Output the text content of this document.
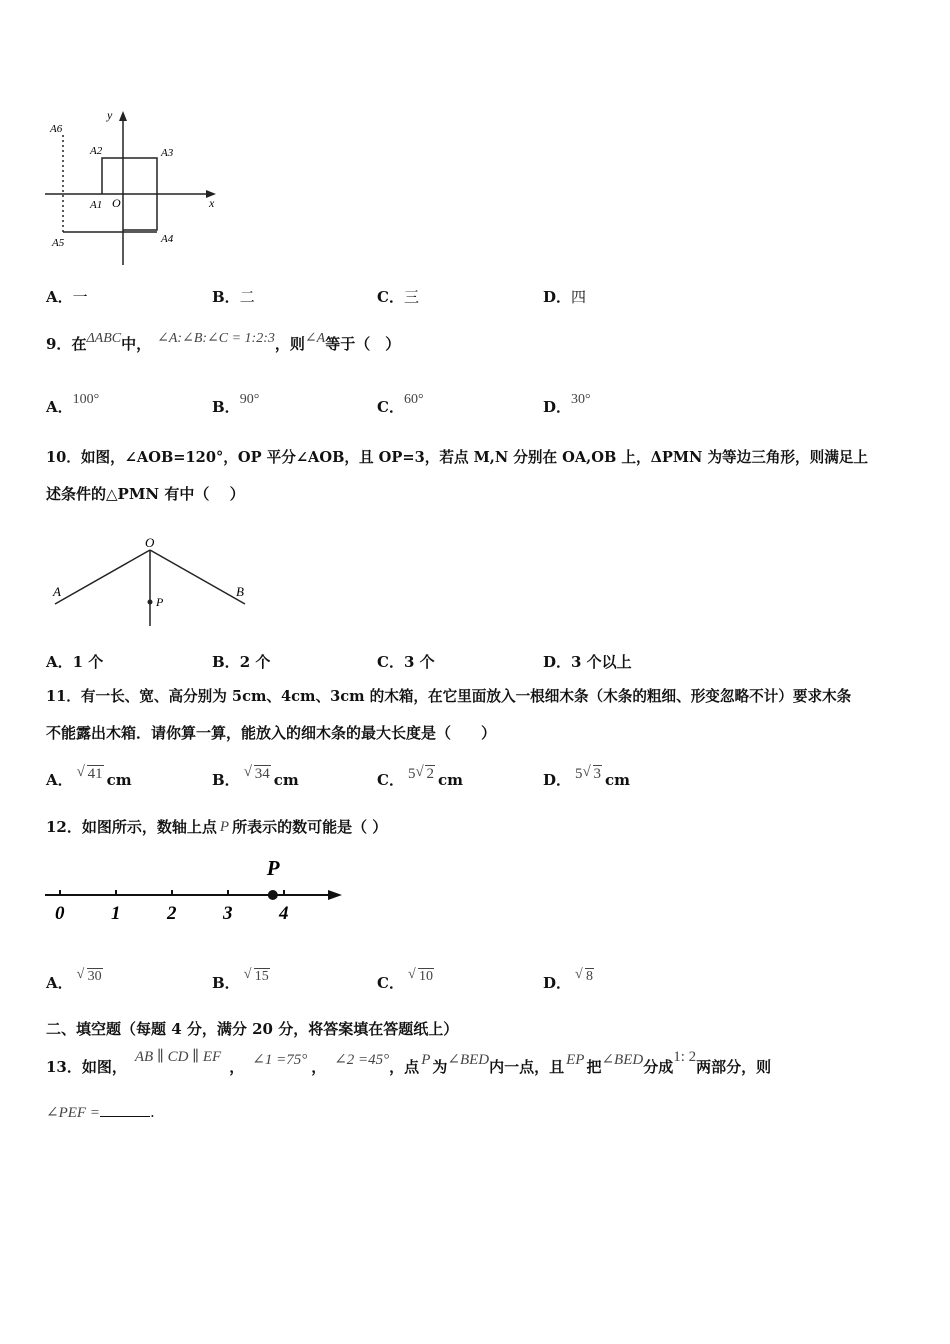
y
x
O
A1
A2	A3
A4
A5
A6
A．一	B．二	C．三	D．四
9．在ΔABC中， ∠A:∠B:∠C = 1:2:3，则∠A等于（　）
A．100°	B．90°	C．60°	D．30°
10．如图，∠AOB=120°，OP 平分∠AOB，且 OP=3，若点 M,N 分别在 OA,OB 上，ΔPMN 为等边三角形，则满足上
述条件的△PMN 有中（　 ）
O
A	B
P
A．1 个	B．2 个	C．3 个	D．3 个以上
11．有一长、宽、高分别为 5cm、4cm、3cm 的木箱，在它里面放入一根细木条（木条的粗细、形变忽略不计）要求木条
不能露出木箱．请你算一算，能放入的细木条的最大长度是（　　）
A． √ 41 cm	B． √ 34 cm	C． 5 √ 2 cm	D． 5 √ 3 cm
12．如图所示，数轴上点 P 所表示的数可能是（ ）
0 1 2 3 4
P
A． √ 30	B． √ 15	C． √ 10	D． √ 8
二、填空题（每题 4 分，满分 20 分，将答案填在答题纸上）
13．如图，AB ∥ CD ∥ EF， ∠1 =75° ， ∠2 =45°，点 P 为∠BED内一点，且 EP 把∠BED分成1: 2两部分，则
∠PEF =	.
